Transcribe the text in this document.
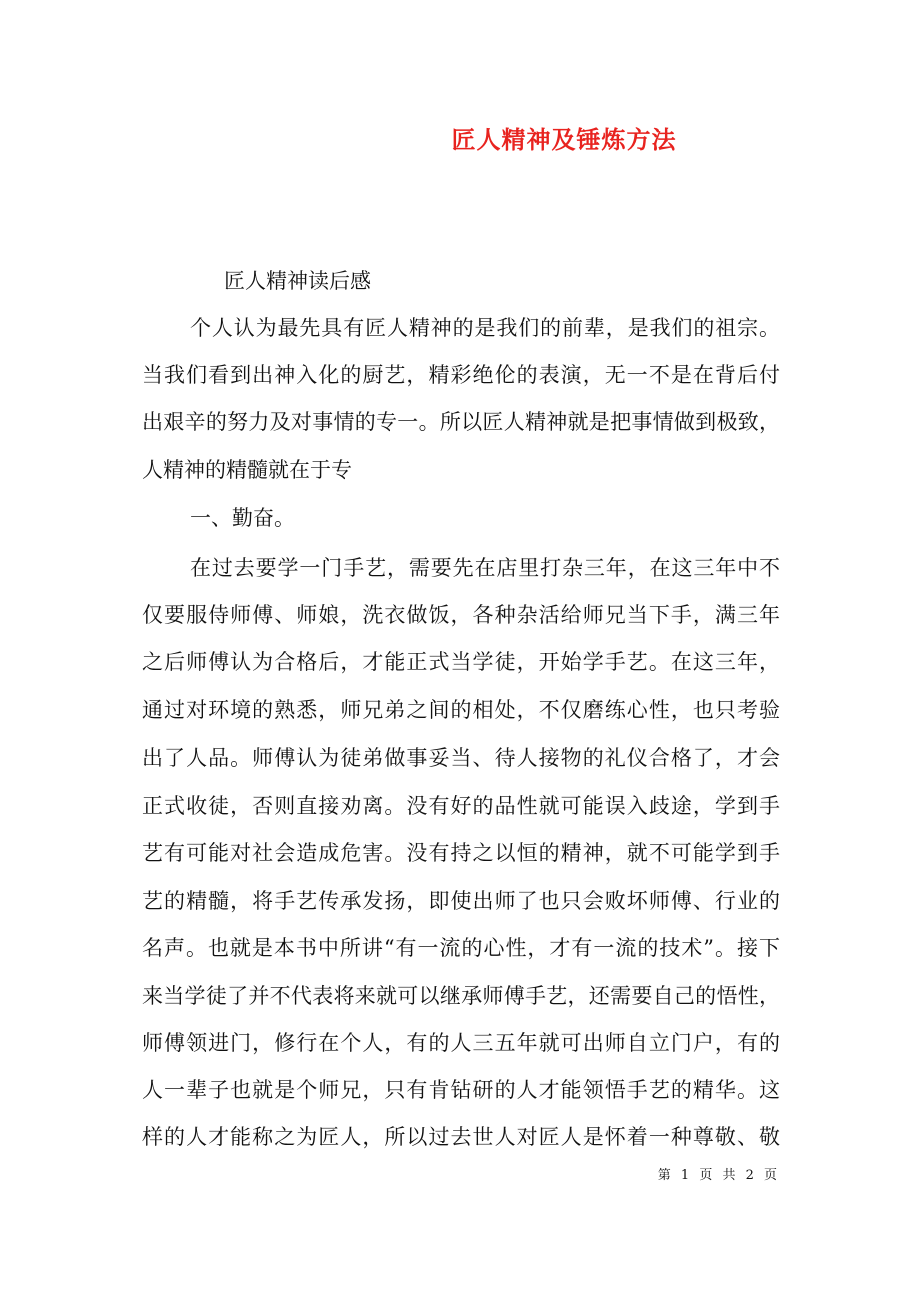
匠人精神及锤炼方法
匠人精神读后感
个人认为最先具有匠人精神的是我们的前辈，是我们的祖宗。
当我们看到出神入化的厨艺，精彩绝伦的表演，无一不是在背后付
出艰辛的努力及对事情的专一。所以匠人精神就是把事情做到极致，
人精神的精髓就在于专
一、勤奋。
在过去要学一门手艺，需要先在店里打杂三年，在这三年中不
仅要服侍师傅、师娘，洗衣做饭，各种杂活给师兄当下手，满三年
之后师傅认为合格后，才能正式当学徒，开始学手艺。在这三年，
通过对环境的熟悉，师兄弟之间的相处，不仅磨练心性，也只考验
出了人品。师傅认为徒弟做事妥当、待人接物的礼仪合格了，才会
正式收徒，否则直接劝离。没有好的品性就可能误入歧途，学到手
艺有可能对社会造成危害。没有持之以恒的精神，就不可能学到手
艺的精髓，将手艺传承发扬，即使出师了也只会败坏师傅、行业的
名声。也就是本书中所讲“有一流的心性，才有一流的技术”。接下
来当学徒了并不代表将来就可以继承师傅手艺，还需要自己的悟性，
师傅领进门，修行在个人，有的人三五年就可出师自立门户，有的
人一辈子也就是个师兄，只有肯钻研的人才能领悟手艺的精华。这
样的人才能称之为匠人，所以过去世人对匠人是怀着一种尊敬、敬
第 1 页 共 2 页
